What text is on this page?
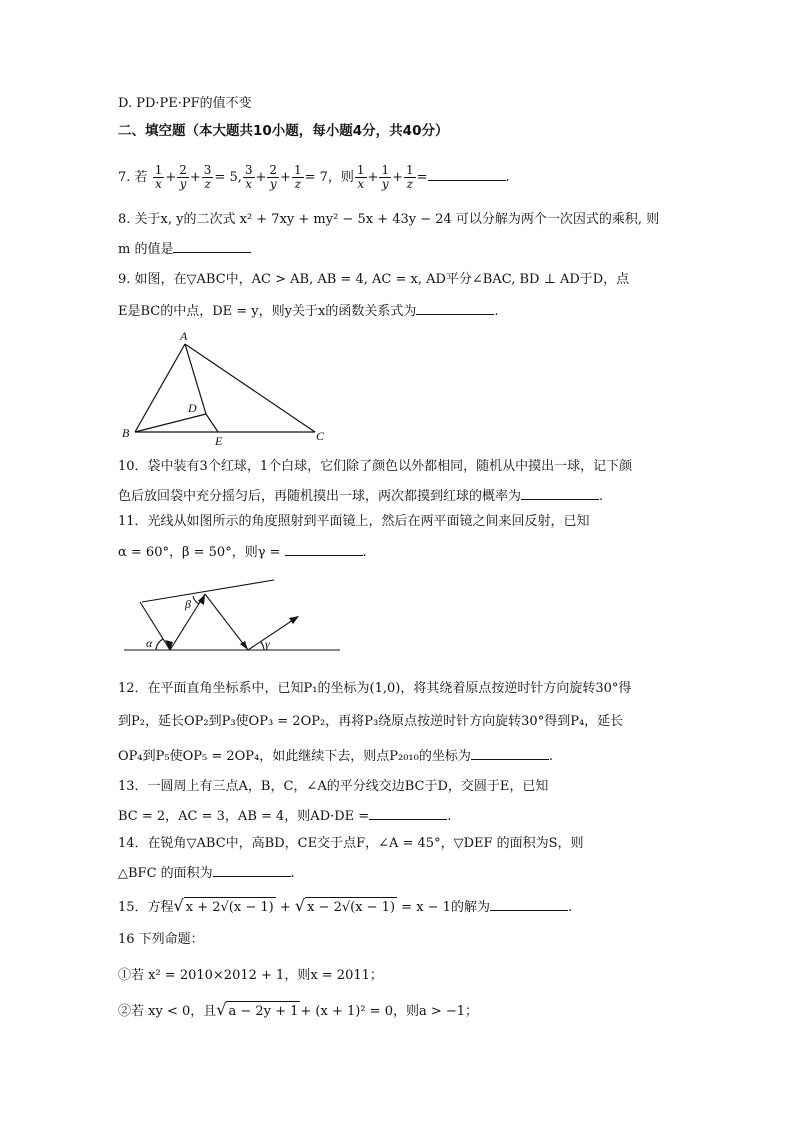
D. PD·PE·PF的值不变
二、填空题（本大题共10小题，每小题4分，共40分）
7. 若 $\frac{1}{x} + \frac{2}{y} + \frac{3}{z} = 5$, $\frac{3}{x} + \frac{2}{y} + \frac{1}{z} = 7$，则 $\frac{1}{x} + \frac{1}{y} + \frac{1}{z}$ =	.
8. 关于x, y的二次式 x² + 7xy + my² − 5x + 43y − 24 可以分解为两个一次因式的乘积, 则
m 的值是
9. 如图，在▽ABC中，AC > AB, AB = 4, AC = x, AD平分∠BAC, BD ⊥ AD于D，点
E是BC的中点，DE = y，则y关于x的函数关系式为	.
A
B	C
D
E
10．袋中装有3个红球，1个白球，它们除了颜色以外都相同，随机从中摸出一球，记下颜
色后放回袋中充分摇匀后，再随机摸出一球，两次都摸到红球的概率为	.
11．光线从如图所示的角度照射到平面镜上，然后在两平面镜之间来回反射，已知
α = 60°，β = 50°，则γ =	.
α
β
γ
12．在平面直角坐标系中，已知P₁的坐标为(1,0)，将其绕着原点按逆时针方向旋转30°得
到P₂，延长OP₂到P₃使OP₃ = 2OP₂，再将P₃绕原点按逆时针方向旋转30°得到P₄，延长
OP₄到P₅使OP₅ = 2OP₄，如此继续下去，则点P₂₀₁₀的坐标为	.
13．一圆周上有三点A，B，C，∠A的平分线交边BC于D，交圆于E，已知
BC = 2，AC = 3，AB = 4，则AD·DE =	.
14．在锐角▽ABC中，高BD，CE交于点F，∠A = 45°，▽DEF 的面积为S，则
△BFC 的面积为	.
15．方程√ x + 2√(x − 1) + √ x − 2√(x − 1) = x − 1的解为	.
16 下列命题：
①若 x² = 2010×2012 + 1，则x = 2011；
②若 xy < 0，且√ a − 2y + 1 + (x + 1)² = 0，则a > −1；
